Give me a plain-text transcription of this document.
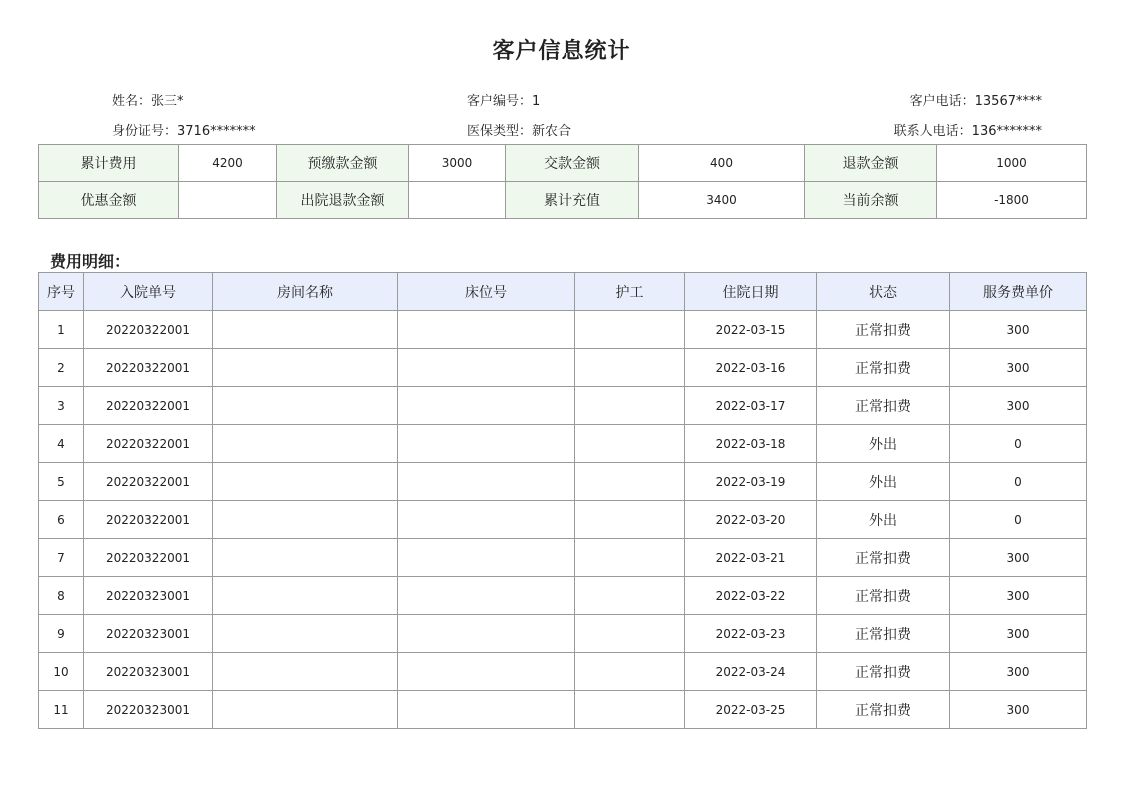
客户信息统计
姓名：张三*	客户编号：1	客户电话：13567****
身份证号：3716*******	医保类型：新农合	联系人电话：136*******
累计费用	4200	预缴款金额	3000	交款金额	400	退款金额	1000
优惠金额		出院退款金额		累计充值	3400	当前余额	-1800
费用明细：
序号	入院单号	房间名称	床位号	护工	住院日期	状态	服务费单价
1	20220322001				2022-03-15	正常扣费	300
2	20220322001				2022-03-16	正常扣费	300
3	20220322001				2022-03-17	正常扣费	300
4	20220322001				2022-03-18	外出	0
5	20220322001				2022-03-19	外出	0
6	20220322001				2022-03-20	外出	0
7	20220322001				2022-03-21	正常扣费	300
8	20220323001				2022-03-22	正常扣费	300
9	20220323001				2022-03-23	正常扣费	300
10	20220323001				2022-03-24	正常扣费	300
11	20220323001				2022-03-25	正常扣费	300
